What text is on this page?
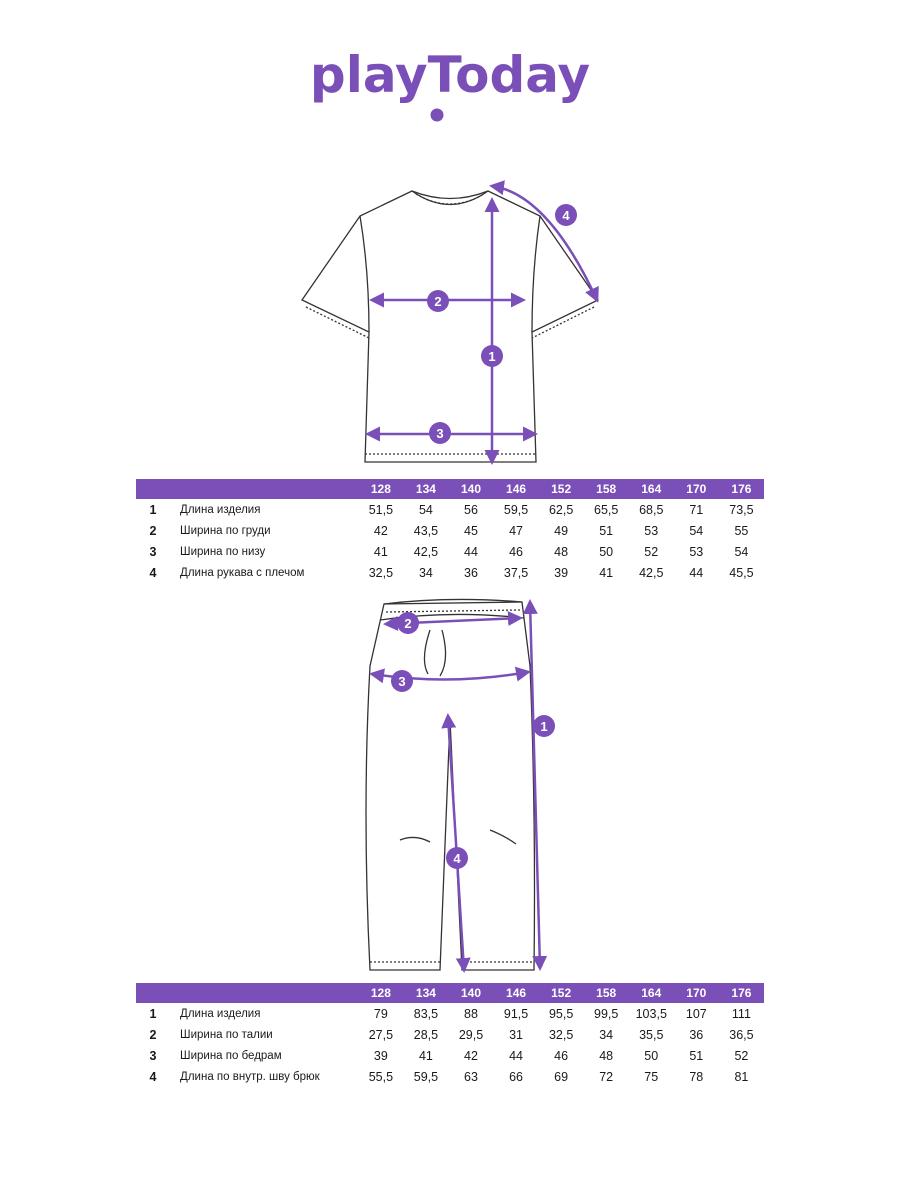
playToday
1
2
3
4
		128	134	140	146	152	158	164	170	176
1	Длина изделия	51,5	54	56	59,5	62,5	65,5	68,5	71	73,5
2	Ширина по груди	42	43,5	45	47	49	51	53	54	55
3	Ширина по низу	41	42,5	44	46	48	50	52	53	54
4	Длина рукава с плечом	32,5	34	36	37,5	39	41	42,5	44	45,5
1
2
3
4
		128	134	140	146	152	158	164	170	176
1	Длина изделия	79	83,5	88	91,5	95,5	99,5	103,5	107	111
2	Ширина по талии	27,5	28,5	29,5	31	32,5	34	35,5	36	36,5
3	Ширина по бедрам	39	41	42	44	46	48	50	51	52
4	Длина по внутр. шву брюк	55,5	59,5	63	66	69	72	75	78	81
